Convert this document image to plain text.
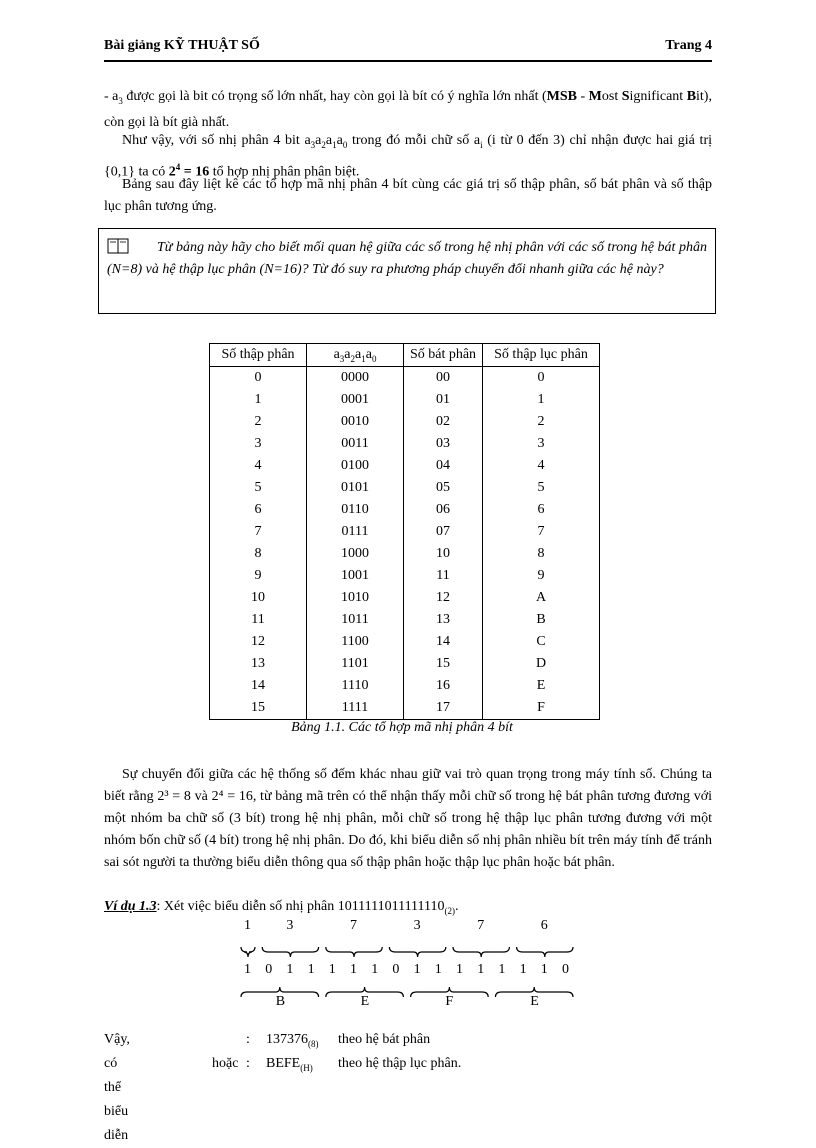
Bài giảng KỸ THUẬT SỐ	Trang 4
- $a_3$ được gọi là bit có trọng số lớn nhất, hay còn gọi là bít có ý nghĩa lớn nhất (MSB - Most Significant Bit), còn gọi là bít già nhất.
Như vậy, với số nhị phân 4 bit $a_3a_2a_1a_0$ trong đó mỗi chữ số $a_i$ (i từ 0 đến 3) chỉ nhận được hai giá trị {0,1} ta có $2^4 = 16$ tổ hợp nhị phân phân biệt.
Bảng sau đây liệt kê các tổ hợp mã nhị phân 4 bít cùng các giá trị số thập phân, số bát phân và số thập lục phân tương ứng.
Từ bảng này hãy cho biết mối quan hệ giữa các số trong hệ nhị phân với các số trong hệ bát phân (N=8) và hệ thập lục phân (N=16)? Từ đó suy ra phương pháp chuyển đổi nhanh giữa các hệ này?
Số thập phân	$a_3a_2a_1a_0$	Số bát phân	Số thập lục phân
0	0000	00	0
1	0001	01	1
2	0010	02	2
3	0011	03	3
4	0100	04	4
5	0101	05	5
6	0110	06	6
7	0111	07	7
8	1000	10	8
9	1001	11	9
10	1010	12	A
11	1011	13	B
12	1100	14	C
13	1101	15	D
14	1110	16	E
15	1111	17	F
Bảng 1.1. Các tổ hợp mã nhị phân 4 bít
Sự chuyển đổi giữa các hệ thống số đếm khác nhau giữ vai trò quan trọng trong máy tính số. Chúng ta biết rằng 2³ = 8 và 2⁴ = 16, từ bảng mã trên có thể nhận thấy mỗi chữ số trong hệ bát phân tương đương với một nhóm ba chữ số (3 bít) trong hệ nhị phân, mỗi chữ số trong hệ thập lục phân tương đương với một nhóm bốn chữ số (4 bít) trong hệ nhị phân. Do đó, khi biểu diễn số nhị phân nhiều bít trên máy tính để tránh sai sót người ta thường biểu diễn thông qua số thập phân hoặc thập lục phân hoặc bát phân.
Ví dụ 1.3: Xét việc biểu diễn số nhị phân $1011111011111110_{(2)}$.
1 0 1 1 1 1 1 0 1 1 1 1 1 1 1 0
1	3	7	3	7	6
B	E	F	E
Vậy, có thể biểu diễn
: $137376_{(8)}$ theo hệ bát phân
hoặc : $BEFE_{(H)}$ theo hệ thập lục phân.
